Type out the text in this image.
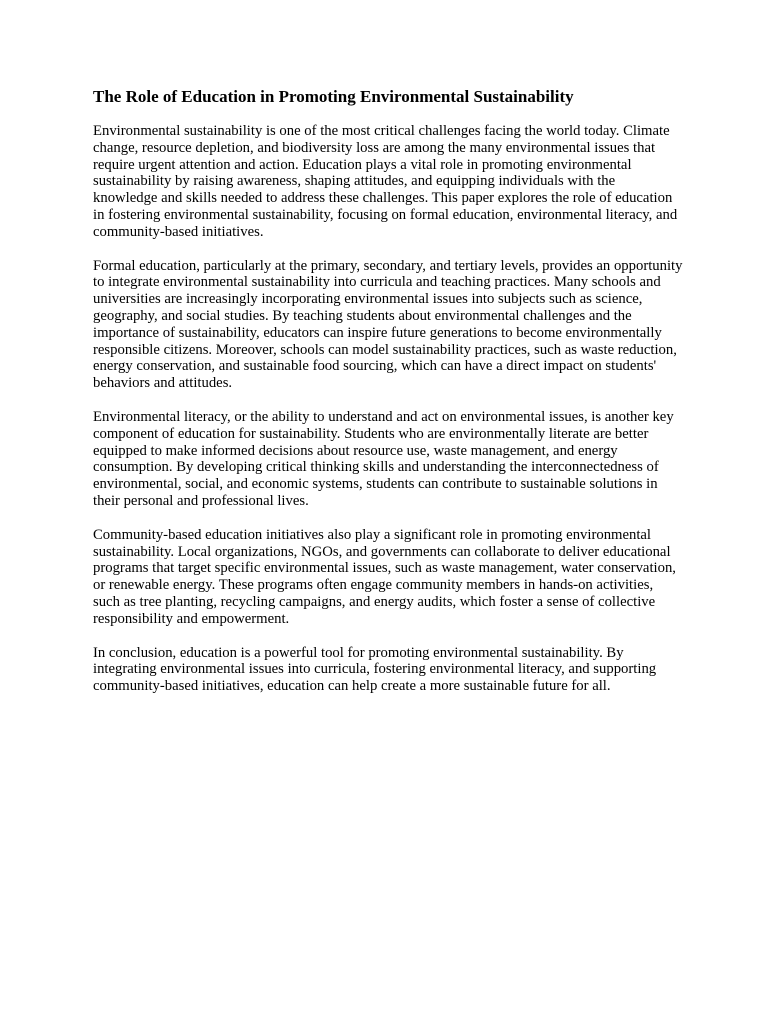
The Role of Education in Promoting Environmental Sustainability

Environmental sustainability is one of the most critical challenges facing the world today. Climate change, resource depletion, and biodiversity loss are among the many environmental issues that require urgent attention and action. Education plays a vital role in promoting environmental sustainability by raising awareness, shaping attitudes, and equipping individuals with the knowledge and skills needed to address these challenges. This paper explores the role of education in fostering environmental sustainability, focusing on formal education, environmental literacy, and community-based initiatives.

Formal education, particularly at the primary, secondary, and tertiary levels, provides an opportunity to integrate environmental sustainability into curricula and teaching practices. Many schools and universities are increasingly incorporating environmental issues into subjects such as science, geography, and social studies. By teaching students about environmental challenges and the importance of sustainability, educators can inspire future generations to become environmentally responsible citizens. Moreover, schools can model sustainability practices, such as waste reduction, energy conservation, and sustainable food sourcing, which can have a direct impact on students' behaviors and attitudes.

Environmental literacy, or the ability to understand and act on environmental issues, is another key component of education for sustainability. Students who are environmentally literate are better equipped to make informed decisions about resource use, waste management, and energy consumption. By developing critical thinking skills and understanding the interconnectedness of environmental, social, and economic systems, students can contribute to sustainable solutions in their personal and professional lives.

Community-based education initiatives also play a significant role in promoting environmental sustainability. Local organizations, NGOs, and governments can collaborate to deliver educational programs that target specific environmental issues, such as waste management, water conservation, or renewable energy. These programs often engage community members in hands-on activities, such as tree planting, recycling campaigns, and energy audits, which foster a sense of collective responsibility and empowerment.

In conclusion, education is a powerful tool for promoting environmental sustainability. By integrating environmental issues into curricula, fostering environmental literacy, and supporting community-based initiatives, education can help create a more sustainable future for all.
